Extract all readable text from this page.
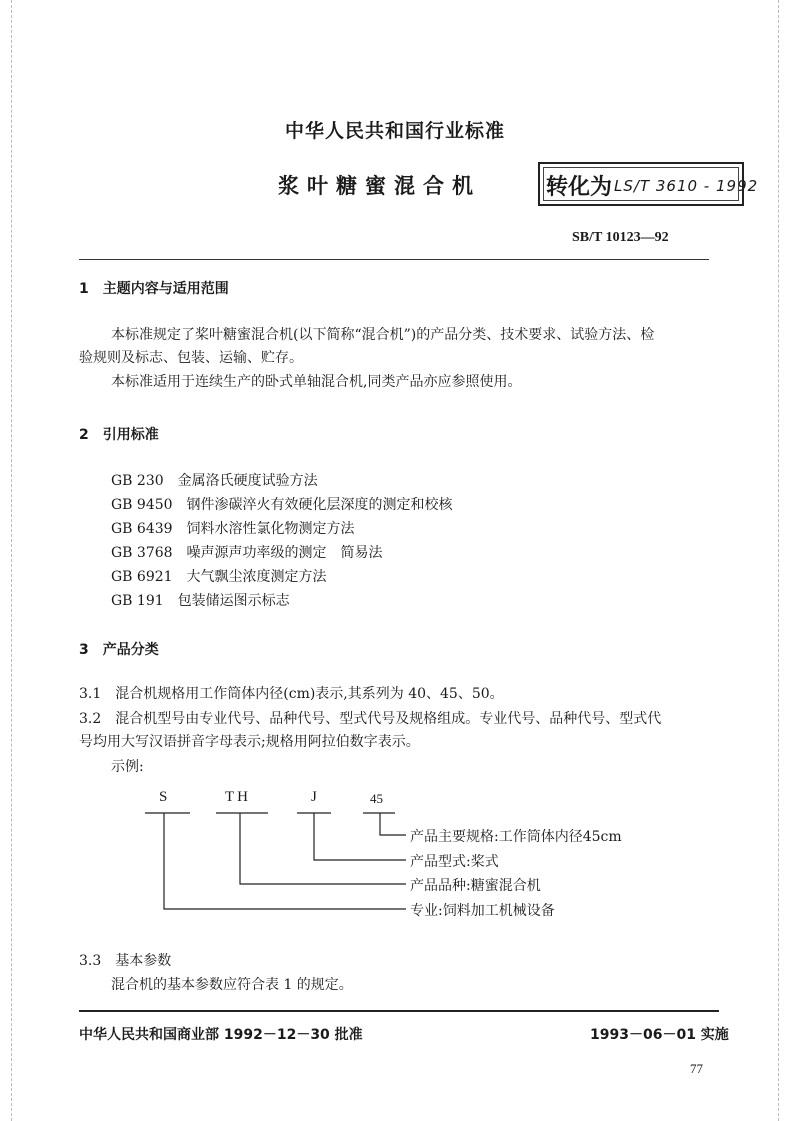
中华人民共和国行业标准
浆叶糖蜜混合机	转化为 LS/T 3610 - 1992
SB/T 10123—92
1　主题内容与适用范围
本标准规定了桨叶糖蜜混合机(以下简称“混合机”)的产品分类、技术要求、试验方法、检
验规则及标志、包装、运输、贮存。
本标准适用于连续生产的卧式单轴混合机,同类产品亦应参照使用。
2　引用标准
GB 230　金属洛氏硬度试验方法
GB 9450　钢件渗碳淬火有效硬化层深度的测定和校核
GB 6439　饲料水溶性氯化物测定方法
GB 3768　噪声源声功率级的测定　简易法
GB 6921　大气飘尘浓度测定方法
GB 191　包装储运图示标志
3　产品分类
3.1　混合机规格用工作筒体内径(cm)表示,其系列为 40、45、50。
3.2　混合机型号由专业代号、品种代号、型式代号及规格组成。专业代号、品种代号、型式代
号均用大写汉语拼音字母表示;规格用阿拉伯数字表示。
示例:
S	TH	J	45
产品主要规格:工作筒体内径45cm
产品型式:桨式
产品品种:糖蜜混合机
专业:饲料加工机械设备
3.3　基本参数
混合机的基本参数应符合表 1 的规定。
中华人民共和国商业部 1992－12－30 批准	1993－06－01 实施
77
